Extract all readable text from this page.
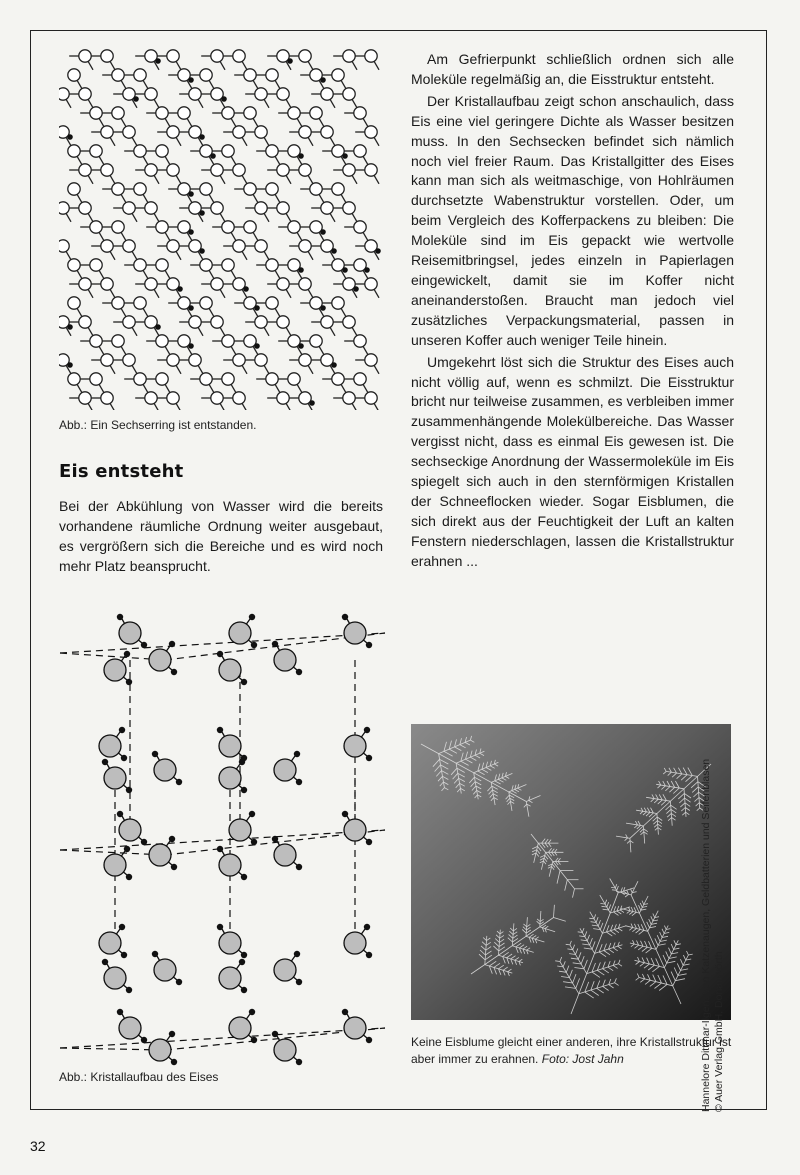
Abb.: Ein Sechserring ist entstanden.
Eis entsteht

Bei der Abkühlung von Wasser wird die bereits vorhandene räumliche Ordnung weiter ausgebaut, es vergrößern sich die Bereiche und es wird noch mehr Platz beansprucht.

Am Gefrierpunkt schließlich ordnen sich alle Moleküle regelmäßig an, die Eisstruktur entsteht.

Der Kristallaufbau zeigt schon anschaulich, dass Eis eine viel geringere Dichte als Wasser besitzen muss. In den Sechsecken befindet sich nämlich noch viel freier Raum. Das Kristallgitter des Eises kann man sich als weitmaschige, von Hohlräumen durchsetzte Wabenstruktur vorstellen. Oder, um beim Vergleich des Kofferpackens zu bleiben: Die Moleküle sind im Eis gepackt wie wertvolle Reisemitbringsel, jedes einzeln in Papierlagen eingewickelt, damit sie im Koffer nicht aneinanderstoßen. Braucht man jedoch viel zusätzliches Verpackungsmaterial, passen in unseren Koffer auch weniger Teile hinein.

Umgekehrt löst sich die Struktur des Eises auch nicht völlig auf, wenn es schmilzt. Die Eisstruktur bricht nur teilweise zusammen, es verbleiben immer zusammenhängende Molekülbereiche. Das Wasser vergisst nicht, dass es einmal Eis gewesen ist. Die sechseckige Anordnung der Wassermoleküle im Eis spiegelt sich auch in den sternförmigen Kristallen der Schneeflocken wieder. Sogar Eisblumen, die sich direkt aus der Feuchtigkeit der Luft an kalten Fenstern niederschlagen, lassen die Kristallstruktur erahnen ...

Abb.: Kristallaufbau des Eises
Keine Eisblume gleicht einer anderen, ihre Kristallstruktur ist aber immer zu erahnen. Foto: Jost Jahn	Hannelore Dittmar-Ilgen: Von Katzenaugen, Geldbatterien und Seifenblasen © Auer Verlag GmbH, Donauwörth
32
